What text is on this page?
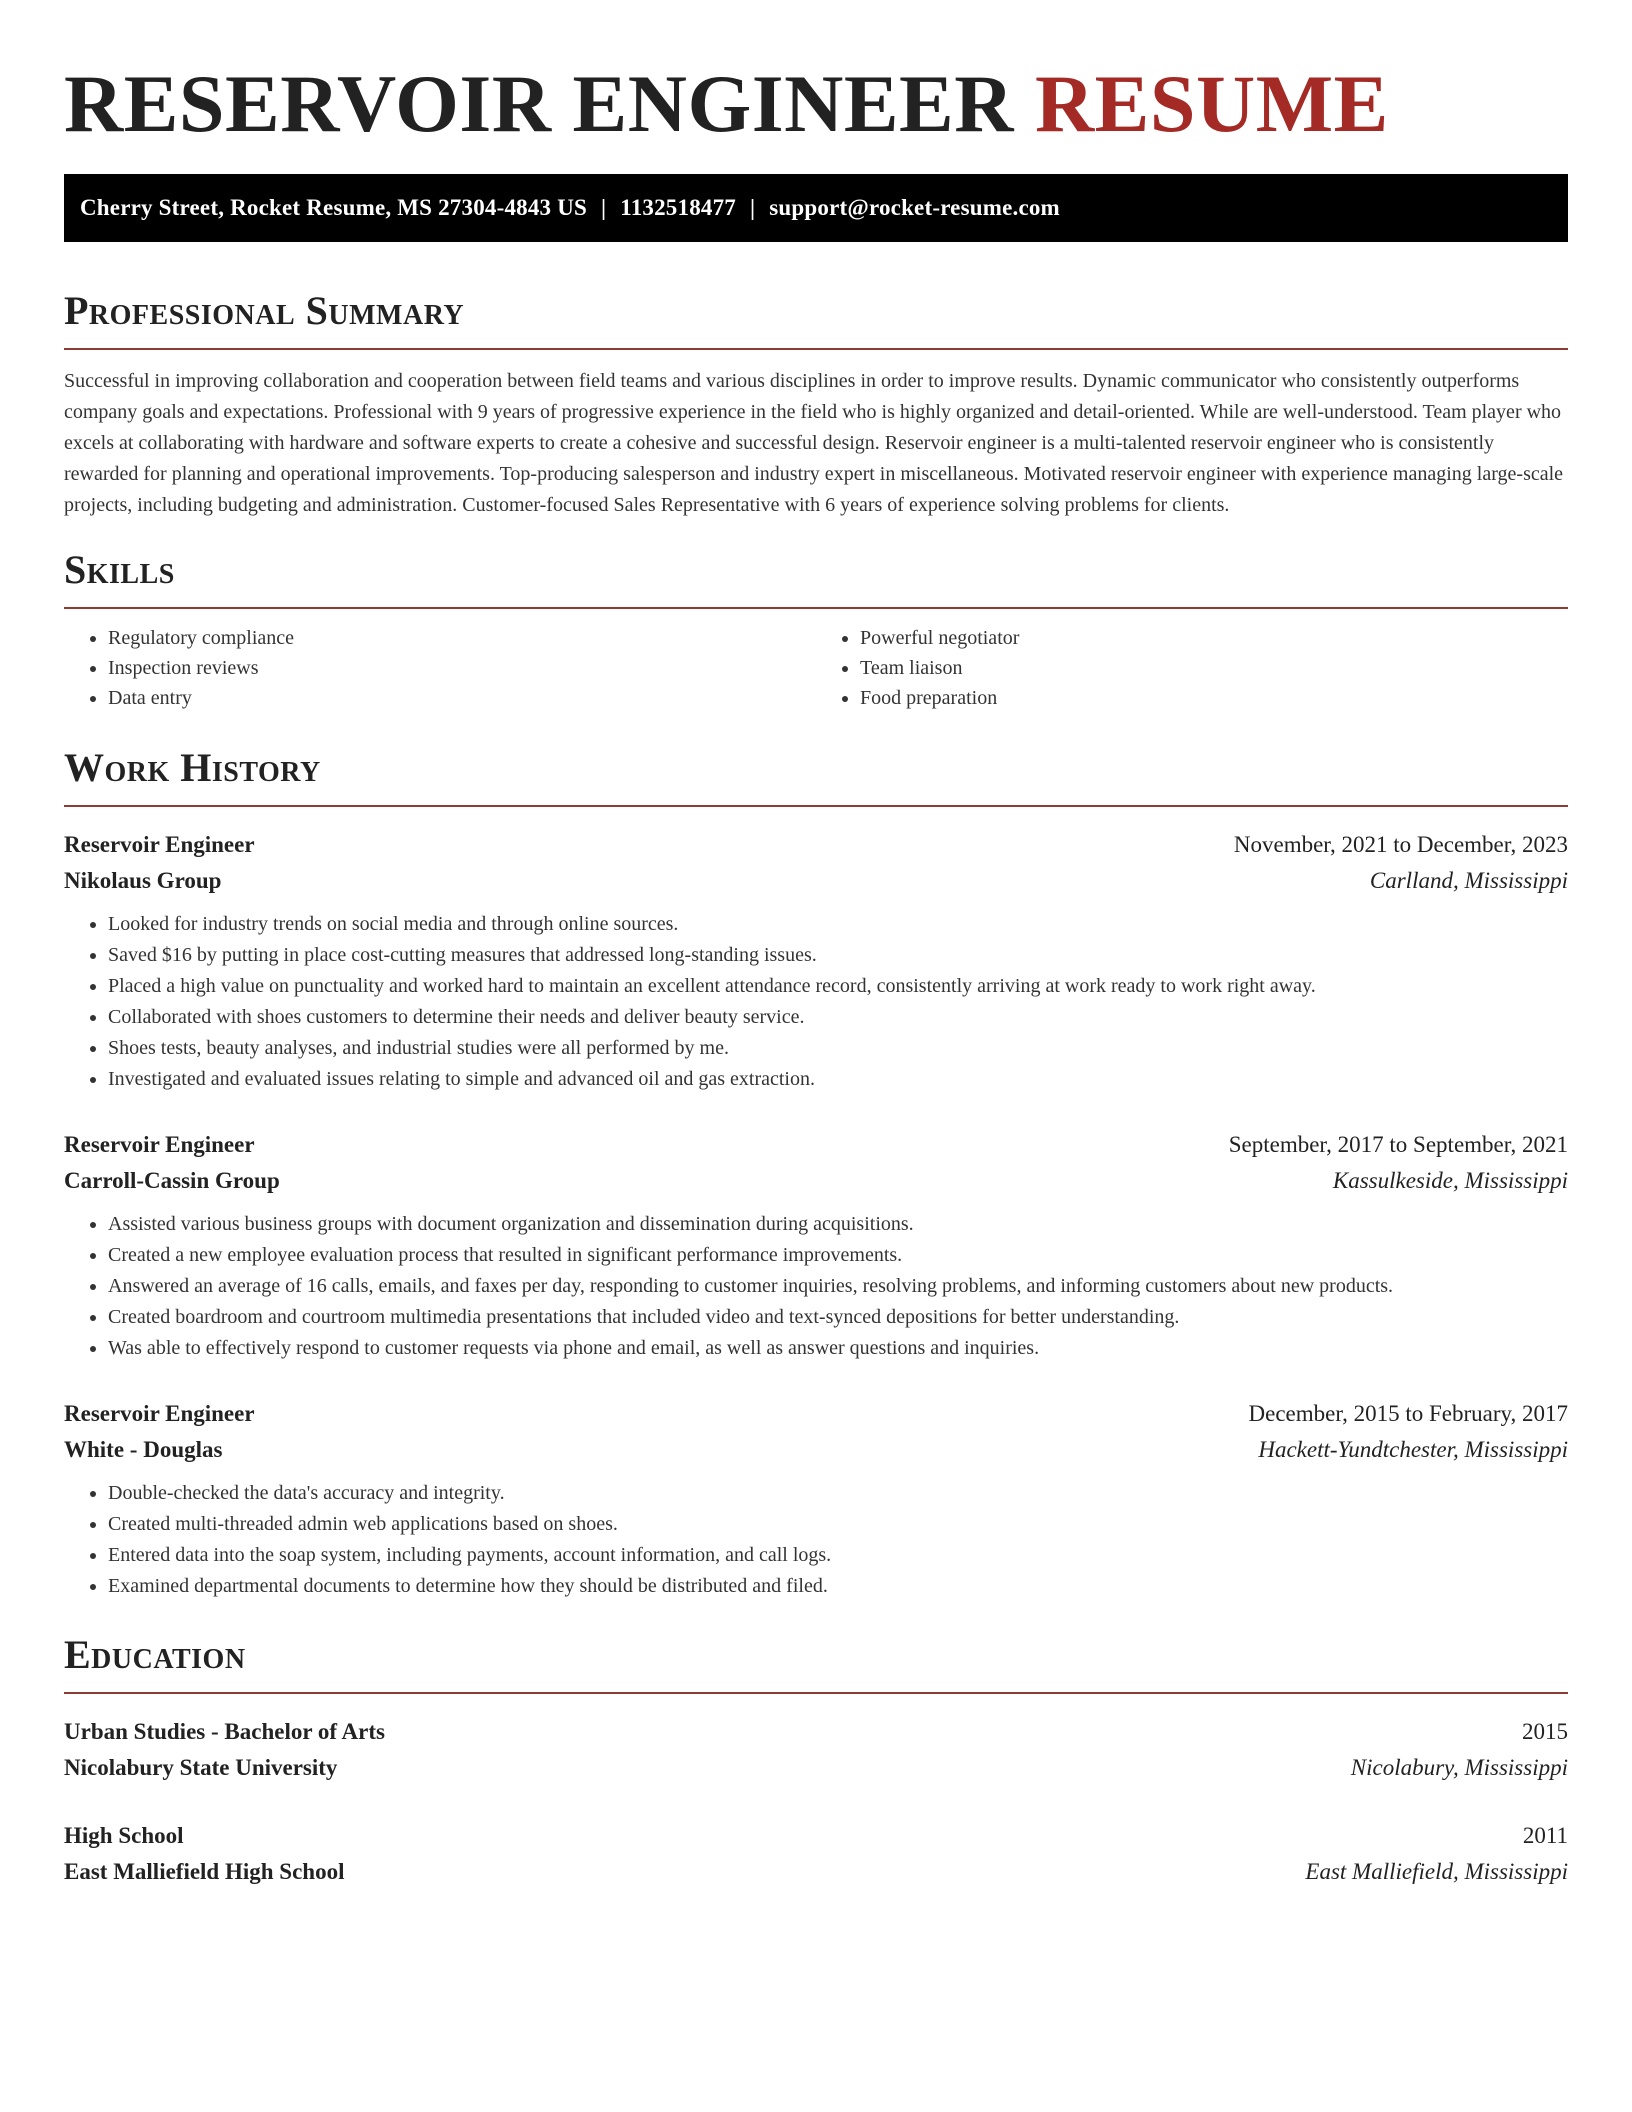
RESERVOIR ENGINEER RESUME
Cherry Street, Rocket Resume, MS 27304-4843 US | 1132518477 | support@rocket-resume.com
Professional Summary

Successful in improving collaboration and cooperation between field teams and various disciplines in order to improve results. Dynamic communicator who consistently outperforms company goals and expectations. Professional with 9 years of progressive experience in the field who is highly organized and detail-oriented. While are well-understood. Team player who excels at collaborating with hardware and software experts to create a cohesive and successful design. Reservoir engineer is a multi-talented reservoir engineer who is consistently rewarded for planning and operational improvements. Top-producing salesperson and industry expert in miscellaneous. Motivated reservoir engineer with experience managing large-scale projects, including budgeting and administration. Customer-focused Sales Representative with 6 years of experience solving problems for clients.

Skills
• Regulatory compliance
• Inspection reviews
• Data entry
• Powerful negotiator
• Team liaison
• Food preparation
Work History
Reservoir Engineer	November, 2021 to December, 2023
Nikolaus Group	Carlland, Mississippi
• Looked for industry trends on social media and through online sources.
• Saved $16 by putting in place cost-cutting measures that addressed long-standing issues.
• Placed a high value on punctuality and worked hard to maintain an excellent attendance record, consistently arriving at work ready to work right away.
• Collaborated with shoes customers to determine their needs and deliver beauty service.
• Shoes tests, beauty analyses, and industrial studies were all performed by me.
• Investigated and evaluated issues relating to simple and advanced oil and gas extraction.
Reservoir Engineer	September, 2017 to September, 2021
Carroll-Cassin Group	Kassulkeside, Mississippi
• Assisted various business groups with document organization and dissemination during acquisitions.
• Created a new employee evaluation process that resulted in significant performance improvements.
• Answered an average of 16 calls, emails, and faxes per day, responding to customer inquiries, resolving problems, and informing customers about new products.
• Created boardroom and courtroom multimedia presentations that included video and text-synced depositions for better understanding.
• Was able to effectively respond to customer requests via phone and email, as well as answer questions and inquiries.
Reservoir Engineer	December, 2015 to February, 2017
White - Douglas	Hackett-Yundtchester, Mississippi
• Double-checked the data's accuracy and integrity.
• Created multi-threaded admin web applications based on shoes.
• Entered data into the soap system, including payments, account information, and call logs.
• Examined departmental documents to determine how they should be distributed and filed.
Education
Urban Studies - Bachelor of Arts	2015
Nicolabury State University	Nicolabury, Mississippi
High School	2011
East Malliefield High School	East Malliefield, Mississippi
